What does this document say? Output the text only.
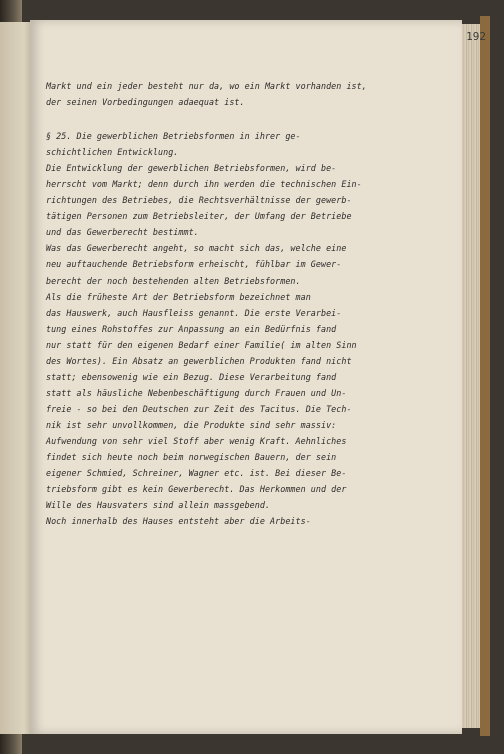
192
Markt und ein jeder besteht nur da, wo ein Markt vorhanden ist,
der seinen Vorbedingungen adaequat ist.
§ 25. Die gewerblichen Betriebsformen in ihrer ge-
schichtlichen Entwicklung.
Die Entwicklung der gewerblichen Betriebsformen, wird be-
herrscht vom Markt; denn durch ihn werden die technischen Ein-
richtungen des Betriebes, die Rechtsverhältnisse der gewerb-
tätigen Personen zum Betriebsleiter, der Umfang der Betriebe
und das Gewerberecht bestimmt.
Was das Gewerberecht angeht, so macht sich das, welche eine
neu auftauchende Betriebsform erheischt, fühlbar im Gewer-
berecht der noch bestehenden alten Betriebsformen.
Als die früheste Art der Betriebsform bezeichnet man
das Hauswerk, auch Hausfleiss genannt. Die erste Verarbei-
tung eines Rohstoffes zur Anpassung an ein Bedürfnis fand
nur statt für den eigenen Bedarf einer Familie( im alten Sinn
des Wortes). Ein Absatz an gewerblichen Produkten fand nicht
statt; ebensowenig wie ein Bezug. Diese Verarbeitung fand
statt als häusliche Nebenbeschäftigung durch Frauen und Un-
freie - so bei den Deutschen zur Zeit des Tacitus. Die Tech-
nik ist sehr unvollkommen, die Produkte sind sehr massiv:
Aufwendung von sehr viel Stoff aber wenig Kraft. Aehnliches
findet sich heute noch beim norwegischen Bauern, der sein
eigener Schmied, Schreiner, Wagner etc. ist. Bei dieser Be-
triebsform gibt es kein Gewerberecht. Das Herkommen und der
Wille des Hausvaters sind allein massgebend.
Noch innerhalb des Hauses entsteht aber die Arbeits-
